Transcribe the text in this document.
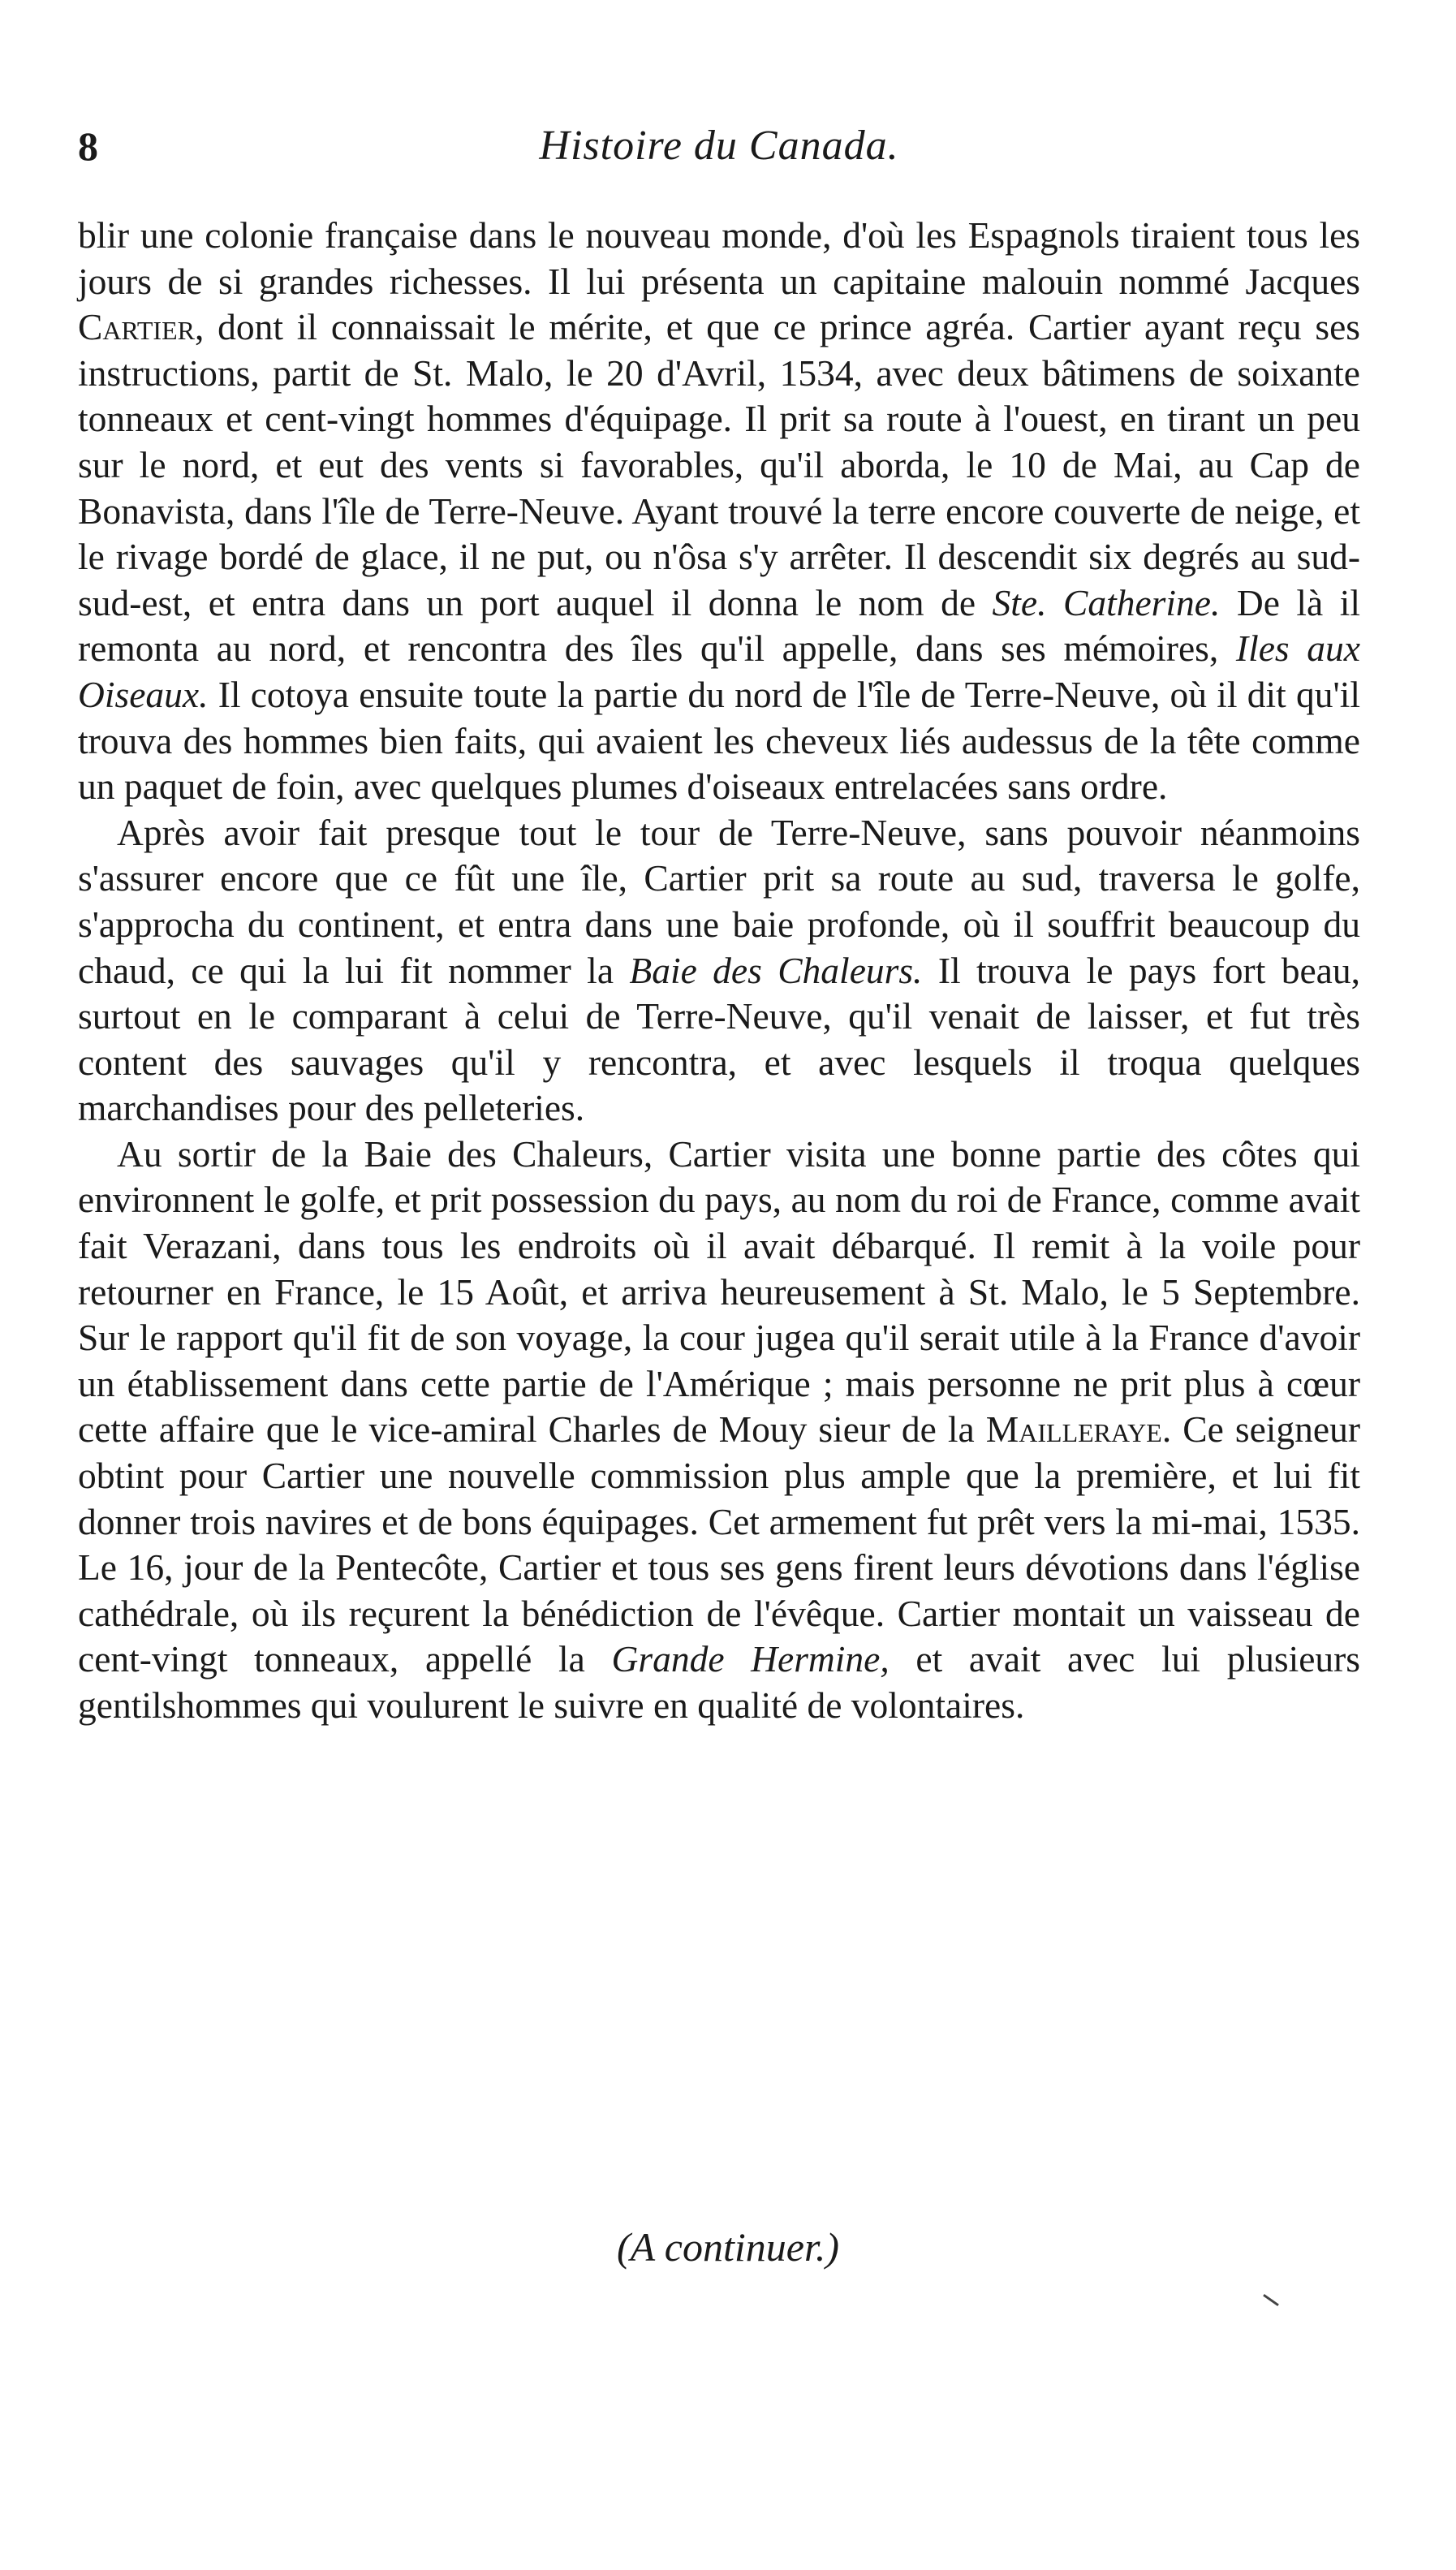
8	Histoire du Canada.

blir une colonie française dans le nouveau monde, d'où les Espagnols tiraient tous les jours de si grandes richesses. Il lui présenta un capitaine malouin nommé Jacques Cartier, dont il connaissait le mérite, et que ce prince agréa. Cartier ayant reçu ses instructions, partit de St. Malo, le 20 d'Avril, 1534, avec deux bâtimens de soixante tonneaux et cent-vingt hommes d'équipage. Il prit sa route à l'ouest, en tirant un peu sur le nord, et eut des vents si favorables, qu'il aborda, le 10 de Mai, au Cap de Bonavista, dans l'île de Terre-Neuve. Ayant trouvé la terre encore couverte de neige, et le rivage bordé de glace, il ne put, ou n'ôsa s'y arrêter. Il descendit six degrés au sud-sud-est, et entra dans un port auquel il donna le nom de Ste. Catherine. De là il remonta au nord, et rencontra des îles qu'il appelle, dans ses mémoires, Iles aux Oiseaux. Il cotoya ensuite toute la partie du nord de l'île de Terre-Neuve, où il dit qu'il trouva des hommes bien faits, qui avaient les cheveux liés audessus de la tête comme un paquet de foin, avec quelques plumes d'oiseaux entrelacées sans ordre.

Après avoir fait presque tout le tour de Terre-Neuve, sans pouvoir néanmoins s'assurer encore que ce fût une île, Cartier prit sa route au sud, traversa le golfe, s'approcha du continent, et entra dans une baie profonde, où il souffrit beaucoup du chaud, ce qui la lui fit nommer la Baie des Chaleurs. Il trouva le pays fort beau, surtout en le comparant à celui de Terre-Neuve, qu'il venait de laisser, et fut très content des sauvages qu'il y rencontra, et avec lesquels il troqua quelques marchandises pour des pelleteries.

Au sortir de la Baie des Chaleurs, Cartier visita une bonne partie des côtes qui environnent le golfe, et prit possession du pays, au nom du roi de France, comme avait fait Verazani, dans tous les endroits où il avait débarqué. Il remit à la voile pour retourner en France, le 15 Août, et arriva heureusement à St. Malo, le 5 Septembre. Sur le rapport qu'il fit de son voyage, la cour jugea qu'il serait utile à la France d'avoir un établissement dans cette partie de l'Amérique ; mais personne ne prit plus à cœur cette affaire que le vice-amiral Charles de Mouy sieur de la Mailleraye. Ce seigneur obtint pour Cartier une nouvelle commission plus ample que la première, et lui fit donner trois navires et de bons équipages. Cet armement fut prêt vers la mi-mai, 1535. Le 16, jour de la Pentecôte, Cartier et tous ses gens firent leurs dévotions dans l'église cathédrale, où ils reçurent la bénédiction de l'évêque. Cartier montait un vaisseau de cent-vingt tonneaux, appellé la Grande Hermine, et avait avec lui plusieurs gentilshommes qui voulurent le suivre en qualité de volontaires.

(A continuer.)
